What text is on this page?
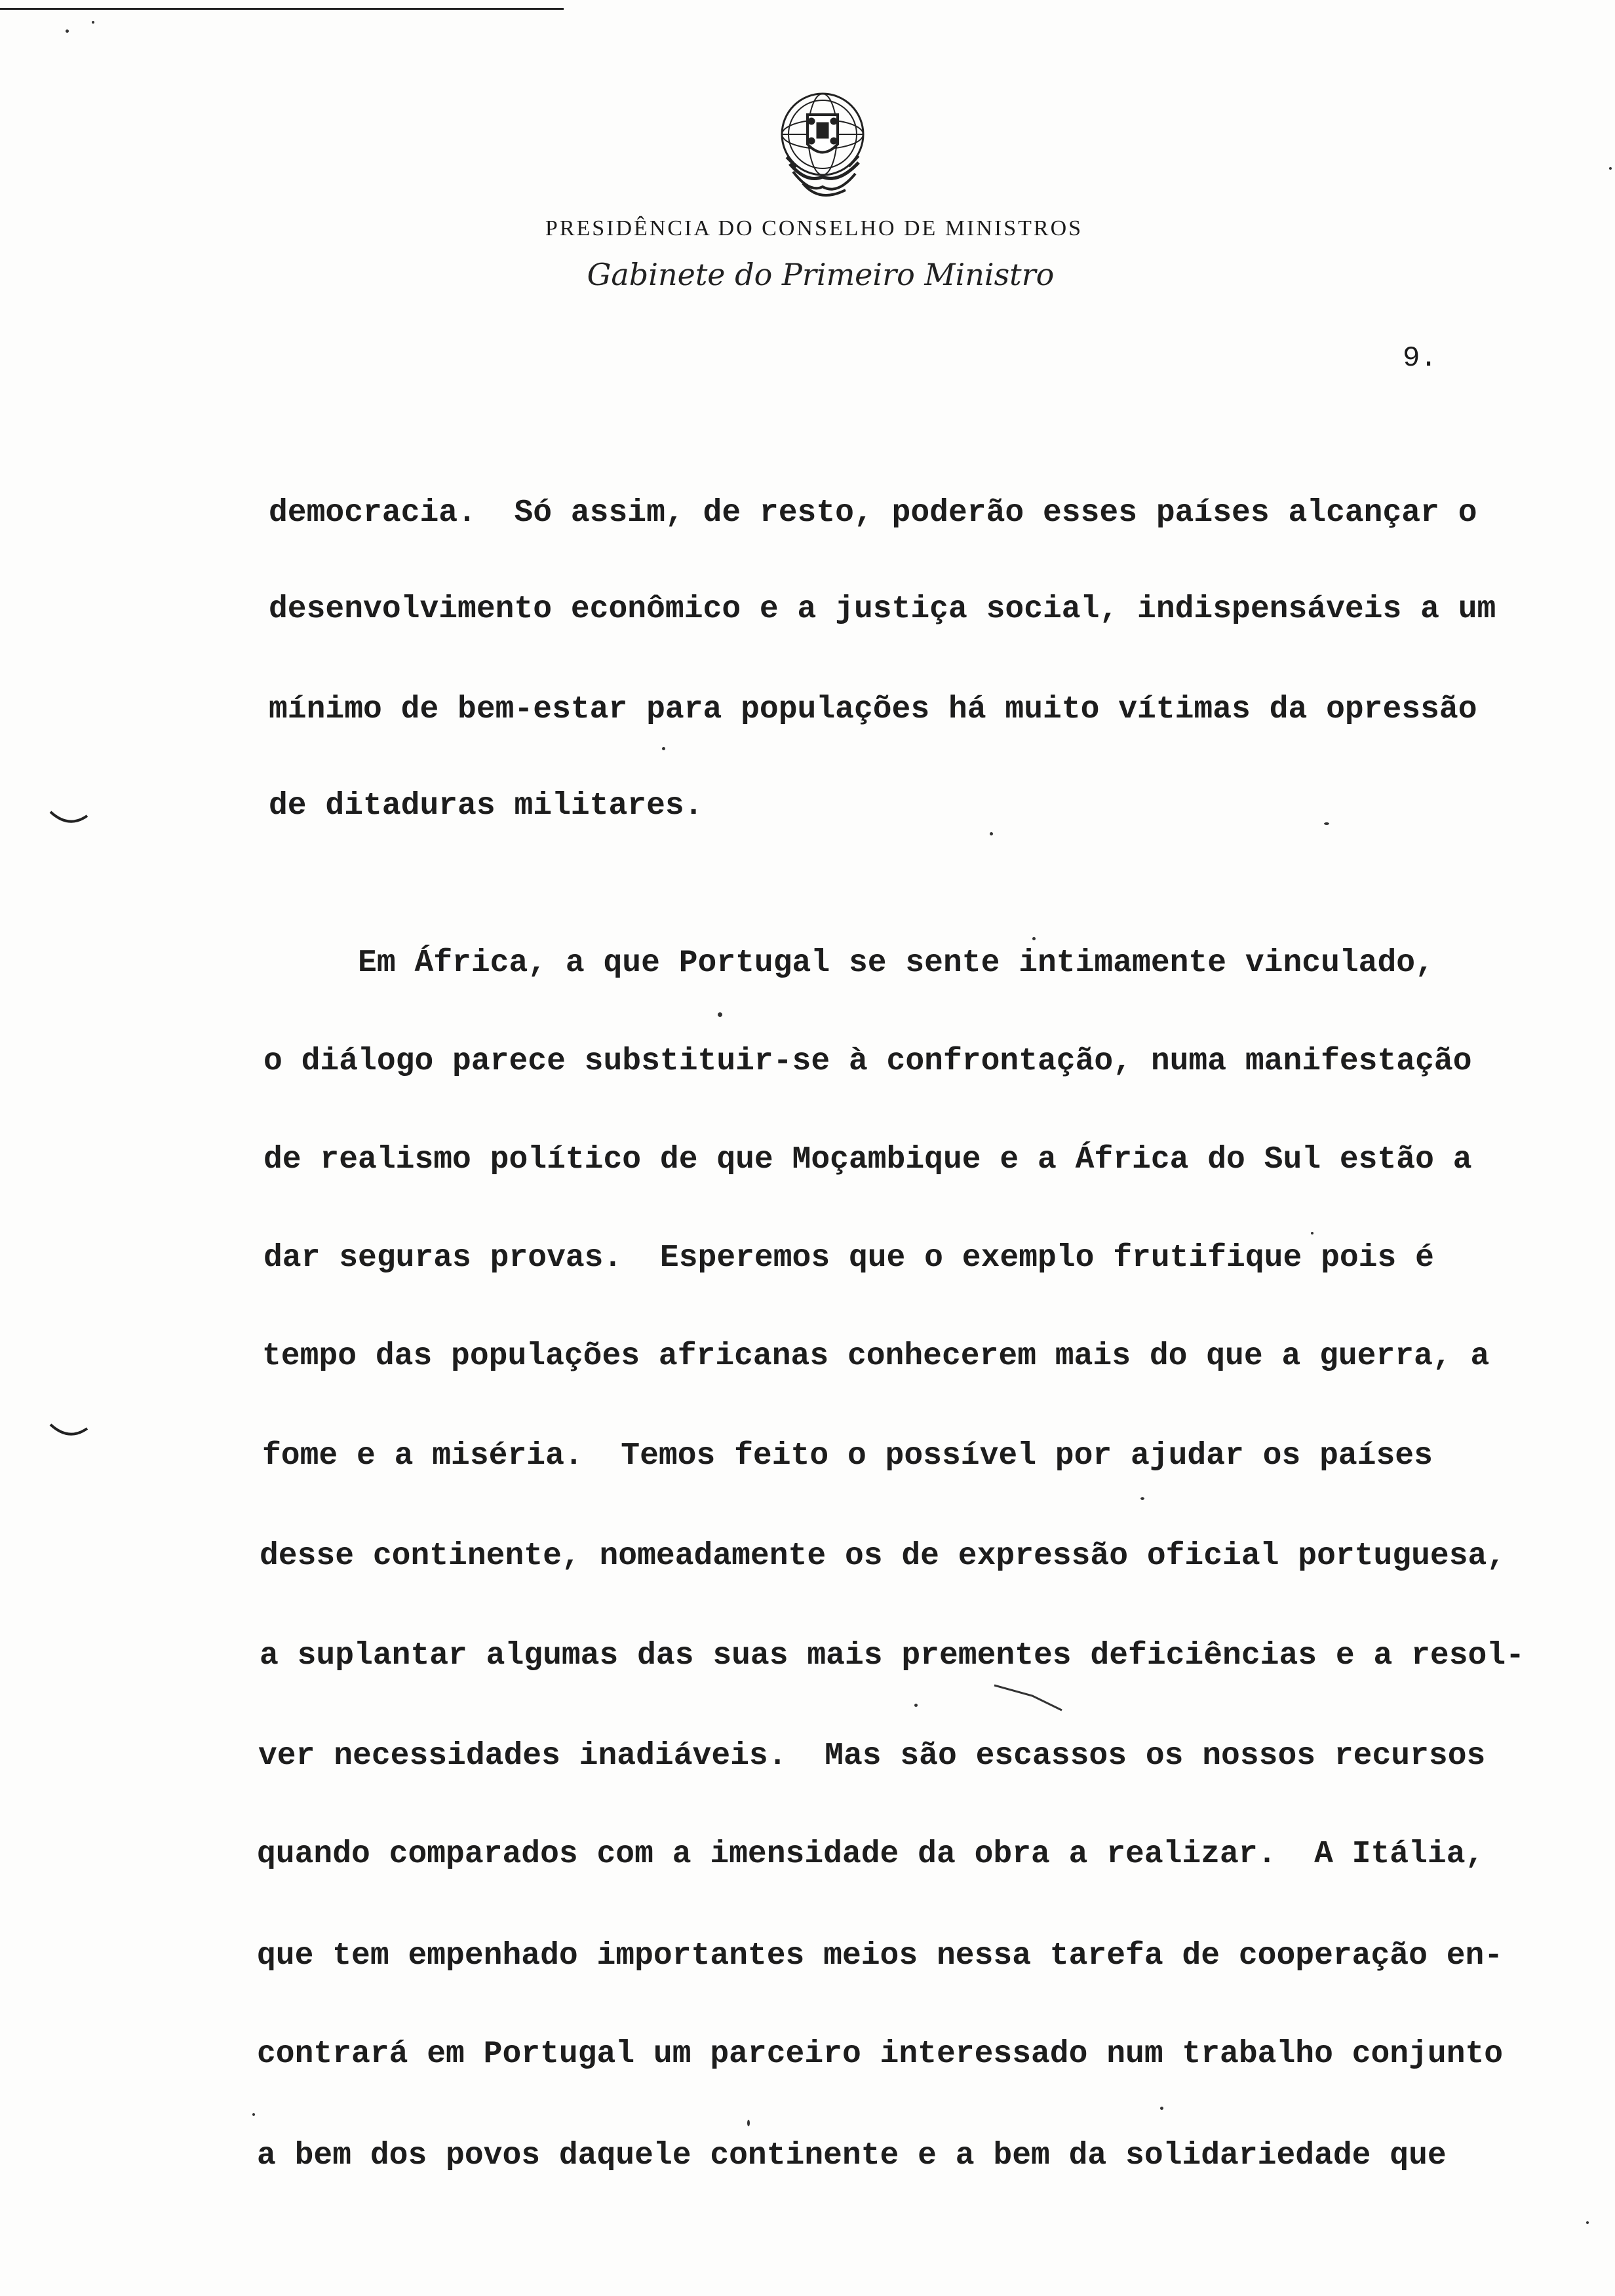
PRESIDÊNCIA DO CONSELHO DE MINISTROS
Gabinete do Primeiro Ministro
9.
democracia.  Só assim, de resto, poderão esses países alcançar o
desenvolvimento econômico e a justiça social, indispensáveis a um
mínimo de bem-estar para populações há muito vítimas da opressão
de ditaduras militares.
Em África, a que Portugal se sente intimamente vinculado,
o diálogo parece substituir-se à confrontação, numa manifestação
de realismo político de que Moçambique e a África do Sul estão a
dar seguras provas.  Esperemos que o exemplo frutifique pois é
tempo das populações africanas conhecerem mais do que a guerra, a
fome e a miséria.  Temos feito o possível por ajudar os países
desse continente, nomeadamente os de expressão oficial portuguesa,
a suplantar algumas das suas mais prementes deficiências e a resol-
ver necessidades inadiáveis.  Mas são escassos os nossos recursos
quando comparados com a imensidade da obra a realizar.  A Itália,
que tem empenhado importantes meios nessa tarefa de cooperação en-
contrará em Portugal um parceiro interessado num trabalho conjunto
a bem dos povos daquele continente e a bem da solidariedade que
